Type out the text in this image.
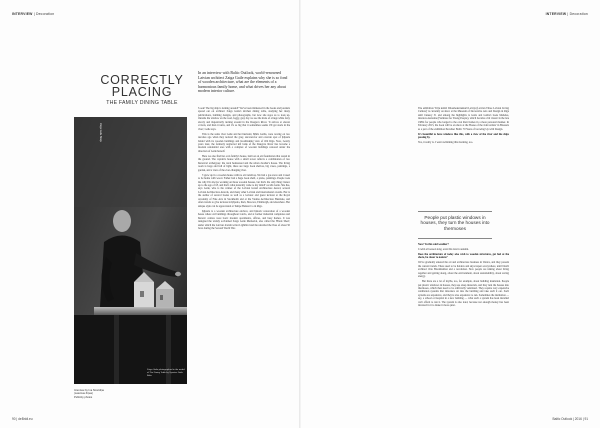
INTERVIEW | Decoration
CORRECTLY PLACING
THE FAMILY DINING TABLE
Zaiga Gaile Birojs
Zaiga Gaile photographed in the model of The Dining Table by Vyantes Gaile Beliu
Interview by Ina Strazdiņa
(Laternas Ziņas)
Publicity photos
90 | deBridi.eu
In an interview with Baltic Outlook, world-renowned Latvian architect Zaiga Gaile explains why she is so fond of wooden architecture, what are the elements of a harmonious family home, and what drives her any about modern interior culture.

'Look! The big ship is turning around!' We've been immersed in the books and journals spread out on architect Zaiga Gaile's kitchen dining table, studying her many publications, building designs, and photographs, but now she stops us to look up. Outside the window on the road, foggy, grey day we see the mole of a huge white ferry slowly and majestically turning around in the Daugava River. 'It arrives at eleven o'clock, and then it turns, and it's so big that it sometimes seems it'll get stuck in the river,' Gaile says.

This is the same river Gaile and her husband, Māris Gailis, were rowing on two decades ago when they noticed the grey, uncared-for and overrun spot of Ķīpsala Island with its wooden buildings and breathtaking view of Old Riga. Now, twenty years later, the formerly neglected left bank of the Daugava River has become a modern residential area with a complex of wooden buildings restored under the direction of Gaile herself.

Here we also find her own family's house, built on an old foundation that rested in the ground. The captain's house with a small tower reflects a combination of two historical archetypes: the rural homestead and the urban dweller's house. The living room is large and full of light, there are large book shelves, big vases, paintings, a garden, and a view of the ever-changing river.

'I grew up in a wooden house with no old relatives. We had a gas stove and it used to be home with wood. Father had a huge book shelf, a piano, paintings. People took me why I'm always working on these wooden houses, but that's the only thing I knew up to the age of 18, and that's what naturally came to my mind!' recalls Gaile. She has, says Gaile, who is the winner of the Latvian Grand Architecture Award, several Latvian Architecture Awards, and many other Latvian and international awards. Her is the author of several books as well as a lecturer and guest lecturer at the Royal Academy of Fine Arts in Stockholm and at the Vienna Architecture Biennale, and often travels to give lectures in Ķīpsala, Kiev, Moscow, Edinburgh, and elsewhere. Her unique style can be appreciated at Tempe Banner Co in Riga.

Ķīpsala is a wooden architecture enclave, and historic restoration of a wooden house where old buildings throughout Latvia, and at former industrial complexes and historic centres were born: modern apartments, offices, and busy homes. It was designed the widely acclaimed Zaiga Gaile Memorial, also called the 'Black Shed', under which the Latvian Jewish writer Lightbird and the unveiled the lives of about 50 Jews during the Second World War.

INTERVIEW | Decoration
Baltic Outlook | 2016 | 91

The exhibition 'Triju kalnā: Džosmokstrukturā Latvija (Latvian Three Latvian Living Culture)' is currently on show at the Museum of Decorative Arts and Design in Riga until January 31 and among the highlights is Gaile and Gailis's book Mebeles, interiors ekstreme (Furniture for Young People), which became a hit classic in the late 1980s for people who longed to the own their homes in a more personal manner. In February 2015, the book will be on show at the House of the Joint Artists' in Brussels as a part of the exhibition Paradise: Baltic 70 Years of Growing Up with Design.

It's beautiful to have windows like this, with a view of the river and the ships passing by.

Yes, it really is. I went swimming this morning, too.

People put plastic windows in houses, they turn the houses into thermoses

Now? In this cold weather?

I swim all season long, even this late in autumn.

Does the architecture of today also wish to wooden structures, get feel at the shore, be closer to nature?

We've gradually entered the art and architecture business in Venice, and they present the current trends. There used to be holders and skyscrapers everywhere, until Dutch architect Otto Bruckheimer and a revolution. Now people are talking about living together and getting along, about the environment, about sustainability, about saving energy.

But there are a lot of myths, too, for example, about building insulation. People put plastic windows in houses, they use sleep materials, and they turn the houses into thermoses, which then need to be artificially ventilated. They require very expensive ventilation systems that introduce air into the building and take such it out. Such systems are expensive, and they're also expensive to run. Sometimes the institution — say, a school or hospital in a new building — what such a system has been installed can't afford to run it. The system is also loud, because not enough money has been invested in it to make it more quiet.
